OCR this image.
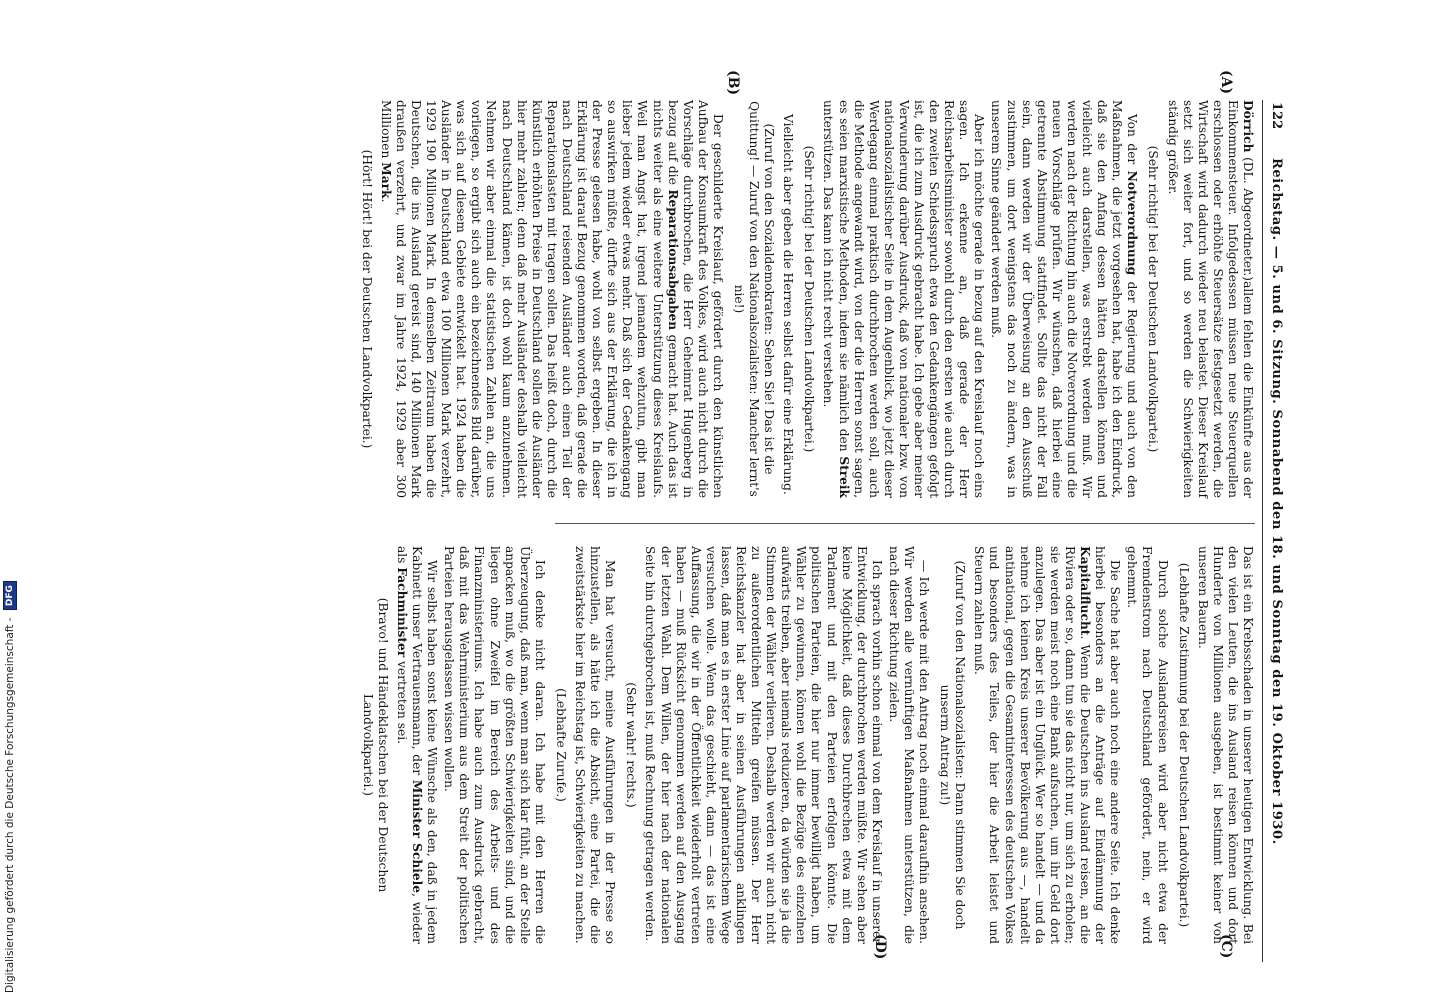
122
Reichstag. — 5. und 6. Sitzung. Sonnabend den 18. und Sonntag den 19. Oktober 1930.
(A)
(B)
(C)
(D)

Dörrich (DL. Abgeordneter.)allem fehlen die Einkünfte aus der Einkommensteuer. Infolgedessen müssen neue Steuerquellen erschlossen oder erhöhte Steuersätze festgesetzt werden, die Wirtschaft wird dadurch wieder neu belastet. Dieser Kreislauf setzt sich weiter fort, und so werden die Schwierigkeiten ständig größer.

(Sehr richtig! bei der Deutschen Landvolkpartei.)

Von der Notverordnung der Regierung und auch von den Maßnahmen, die jetzt vorgesehen hat, habe ich den Eindruck, daß sie den Anfang dessen hätten darstellen können und vielleicht auch darstellen, was erstrebt werden muß. Wir werden nach der Richtung hin auch die Notverordnung und die neuen Vorschläge prüfen. Wir wünschen, daß hierbei eine getrennte Abstimmung stattfindet. Sollte das nicht der Fall sein, dann werden wir der Überweisung an den Ausschuß zustimmen, um dort wenigstens das noch zu ändern, was in unserem Sinne geändert werden muß.

Aber ich möchte gerade in bezug auf den Kreislauf noch eins sagen. Ich erkenne an, daß gerade der Herr Reichsarbeitsminister sowohl durch den ersten wie auch durch den zweiten Schiedsspruch etwa den Gedankengängen gefolgt ist, die ich zum Ausdruck gebracht habe. Ich gebe aber meiner Verwunderung darüber Ausdruck, daß von nationaler bzw. von nationalsozialistischer Seite in dem Augenblick, wo jetzt dieser Werdegang einmal praktisch durchbrochen werden soll, auch die Methode angewandt wird, von der die Herren sonst sagen, es seien marxistische Methoden, indem sie nämlich den Streik unterstützen. Das kann ich nicht recht verstehen.

(Sehr richtig! bei der Deutschen Landvolkpartei.)

Vielleicht aber geben die Herren selbst dafür eine Erklärung.

(Zuruf von den Sozialdemokraten: Sehen Sie! Das ist die Quittung! — Zuruf von den Nationalsozialisten: Mancher lernt's nie!)

Der geschilderte Kreislauf, gefördert durch den künstlichen Aufbau der Konsumkraft des Volkes, wird auch nicht durch die Vorschläge durchbrochen, die Herr Geheimrat Hugenberg in bezug auf die Reparationsabgaben gemacht hat. Auch das ist nichts weiter als eine weitere Unterstützung dieses Kreislaufs. Weil man Angst hat, irgend jemandem wehzutun, gibt man lieber jedem wieder etwas mehr. Daß sich der Gedankengang so auswirken müßte, dürfte sich aus der Erklärung, die ich in der Presse gelesen habe, wohl von selbst ergeben. In dieser Erklärung ist darauf Bezug genommen worden, daß gerade die nach Deutschland reisenden Ausländer auch einen Teil der Reparationslasten mit tragen sollen. Das heißt doch, durch die künstlich erhöhten Preise in Deutschland sollen die Ausländer hier mehr zahlen; denn daß mehr Ausländer deshalb vielleicht nach Deutschland kämen, ist doch wohl kaum anzunehmen. Nehmen wir aber einmal die statistischen Zahlen an, die uns vorliegen, so ergibt sich auch ein bezeichnendes Bild darüber, was sich auf diesem Gebiete entwickelt hat. 1924 haben die Ausländer in Deutschland etwa 100 Millionen Mark verzehrt, 1929 190 Millionen Mark. In demselben Zeitraum haben die Deutschen, die ins Ausland gereist sind, 140 Millionen Mark draußen verzehrt, und zwar im Jahre 1924, 1929 aber 300 Millionen Mark.

(Hört! Hört! bei der Deutschen Landvolkpartei.)

Das ist ein Krebsschaden in unserer heutigen Entwicklung. Bei den vielen Leuten, die ins Ausland reisen können und dort Hunderte von Millionen ausgeben, ist bestimmt keiner von unseren Bauern.

(Lebhafte Zustimmung bei der Deutschen Landvolkpartei.)

Durch solche Auslandsreisen wird aber nicht etwa der Fremdenstrom nach Deutschland gefördert, nein, er wird gehemmt.

Die Sache hat aber auch noch eine andere Seite. Ich denke hierbei besonders an die Anträge auf Eindämmung der Kapitalflucht. Wenn die Deutschen ins Ausland reisen, an die Riviera oder so, dann tun sie das nicht nur, um sich zu erholen; sie werden meist noch eine Bank aufsuchen, um ihr Geld dort anzulegen. Das aber ist ein Unglück. Wer so handelt — und da nehme ich keinen Kreis unserer Bevölkerung aus —, handelt antinational, gegen die Gesamtinteressen des deutschen Volkes und besonders des Teiles, der hier die Arbeit leistet und Steuern zahlen muß.

(Zuruf von den Nationalsozialisten: Dann stimmen Sie doch unserm Antrag zu!)

— Ich werde mit den Antrag noch einmal daraufhin ansehen. Wir werden alle vernünftigen Maßnahmen unterstützen, die nach dieser Richtung zielen.

Ich sprach vorhin schon einmal von dem Kreislauf in unserer Entwicklung, der durchbrochen werden müßte. Wir sehen aber keine Möglichkeit, daß dieses Durchbrechen etwa mit dem Parlament und mit den Parteien erfolgen könnte. Die politischen Parteien, die hier nur immer bewilligt haben, um Wähler zu gewinnen, können wohl die Bezüge des einzelnen aufwärts treiben, aber niemals reduzieren, da würden sie ja die Stimmen der Wähler verlieren. Deshalb werden wir auch nicht zu außerordentlichen Mitteln greifen müssen. Der Herr Reichskanzler hat aber in seinen Ausführungen anklingen lassen, daß man es in erster Linie auf parlamentarischem Wege versuchen wolle. Wenn das geschieht, dann — das ist eine Auffassung, die wir in der Öffentlichkeit wiederholt vertreten haben — muß Rücksicht genommen werden auf den Ausgang der letzten Wahl. Dem Willen, der hier nach der nationalen Seite hin durchgebrochen ist, muß Rechnung getragen werden.

(Sehr wahr! rechts.)

Man hat versucht, meine Ausführungen in der Presse so hinzustellen, als hätte ich die Absicht, eine Partei, die die zweitstärkste hier im Reichstag ist, Schwierigkeiten zu machen.

(Lebhafte Zurufe.)

Ich denke nicht daran. Ich habe mit den Herren die Überzeugung, daß man, wenn man sich klar fühlt, an der Stelle anpacken muß, wo die größten Schwierigkeiten sind, und die liegen ohne Zweifel im Bereich des Arbeits- und des Finanzministeriums. Ich habe auch zum Ausdruck gebracht, daß mit das Wehrministerium aus dem Streit der politischen Parteien herausgelassen wissen wollen.

Wir selbst haben sonst keine Wünsche als den, daß in jedem Kabinett unser Vertrauensmann, der Minister Schiele, wieder als Fachminister vertreten sei.

(Bravo! und Händeklatschen bei der Deutschen Landvolkpartei.)

Digitalisierung gefördert durch die Deutsche Forschungsgemeinschaft - DFG
